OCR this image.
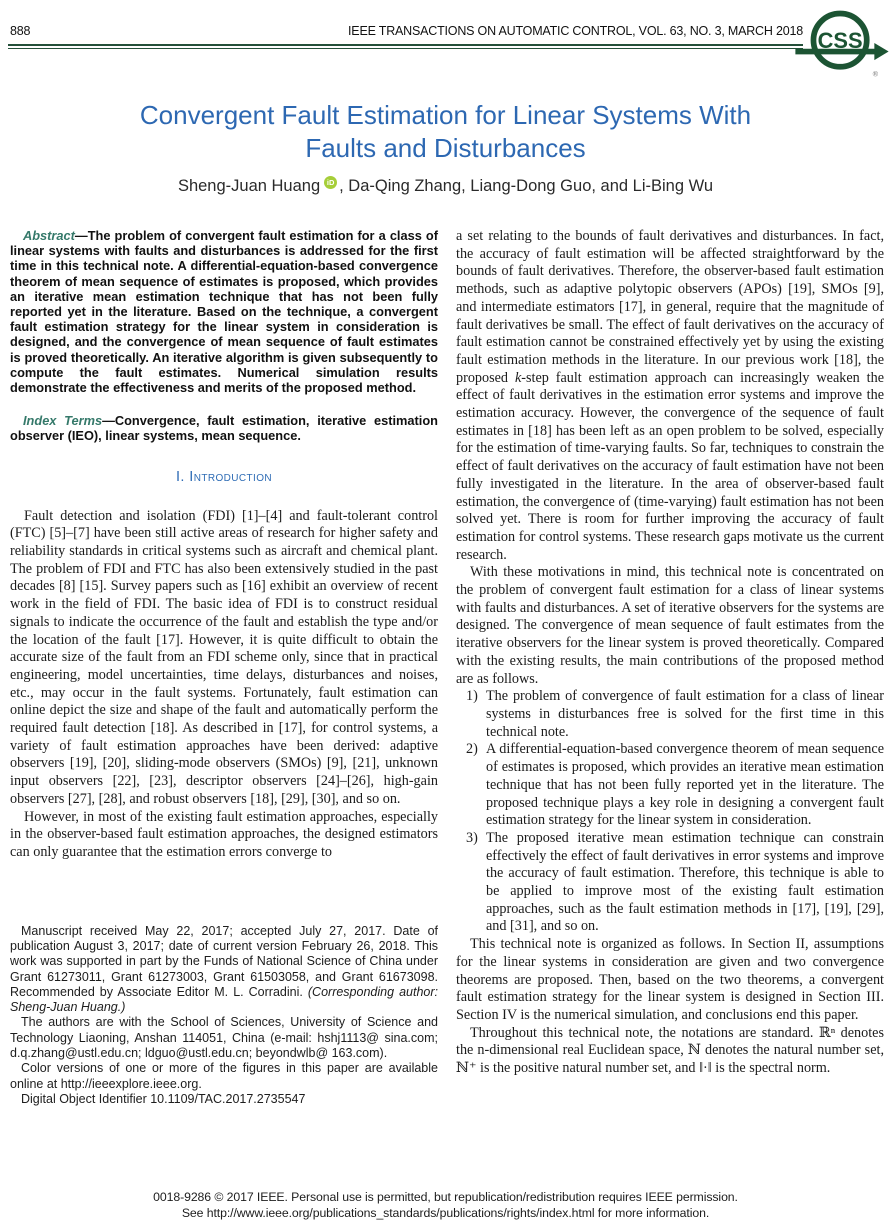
888	IEEE TRANSACTIONS ON AUTOMATIC CONTROL, VOL. 63, NO. 3, MARCH 2018 CSS
®
Convergent Fault Estimation for Linear Systems With
Faults and Disturbances
Sheng-Juan Huang iD , Da-Qing Zhang, Liang-Dong Guo, and Li-Bing Wu

Abstract—The problem of convergent fault estimation for a class of linear systems with faults and disturbances is addressed for the first time in this technical note. A differential-equation-based convergence theorem of mean sequence of estimates is proposed, which provides an iterative mean estimation technique that has not been fully reported yet in the literature. Based on the technique, a convergent fault estimation strategy for the linear system in consideration is designed, and the convergence of mean sequence of fault estimates is proved theoretically. An iterative algorithm is given subsequently to compute the fault estimates. Numerical simulation results demonstrate the effectiveness and merits of the proposed method.

Index Terms—Convergence, fault estimation, iterative estimation observer (IEO), linear systems, mean sequence.

I. Introduction

Fault detection and isolation (FDI) [1]–[4] and fault-tolerant control (FTC) [5]–[7] have been still active areas of research for higher safety and reliability standards in critical systems such as aircraft and chemical plant. The problem of FDI and FTC has also been extensively studied in the past decades [8] [15]. Survey papers such as [16] exhibit an overview of recent work in the field of FDI. The basic idea of FDI is to construct residual signals to indicate the occurrence of the fault and establish the type and/or the location of the fault [17]. However, it is quite difficult to obtain the accurate size of the fault from an FDI scheme only, since that in practical engineering, model uncertainties, time delays, disturbances and noises, etc., may occur in the fault systems. Fortunately, fault estimation can online depict the size and shape of the fault and automatically perform the required fault detection [18]. As described in [17], for control systems, a variety of fault estimation approaches have been derived: adaptive observers [19], [20], sliding-mode observers (SMOs) [9], [21], unknown input observers [22], [23], descriptor observers [24]–[26], high-gain observers [27], [28], and robust observers [18], [29], [30], and so on.

However, in most of the existing fault estimation approaches, especially in the observer-based fault estimation approaches, the designed estimators can only guarantee that the estimation errors converge to

Manuscript received May 22, 2017; accepted July 27, 2017. Date of publication August 3, 2017; date of current version February 26, 2018. This work was supported in part by the Funds of National Science of China under Grant 61273011, Grant 61273003, Grant 61503058, and Grant 61673098. Recommended by Associate Editor M. L. Corradini. (Corresponding author: Sheng-Juan Huang.)

The authors are with the School of Sciences, University of Science and Technology Liaoning, Anshan 114051, China (e-mail: hshj1113@ sina.com; d.q.zhang@ustl.edu.cn; ldguo@ustl.edu.cn; beyondwlb@ 163.com).

Color versions of one or more of the figures in this paper are available online at http://ieeexplore.ieee.org.

Digital Object Identifier 10.1109/TAC.2017.2735547

a set relating to the bounds of fault derivatives and disturbances. In fact, the accuracy of fault estimation will be affected straightforward by the bounds of fault derivatives. Therefore, the observer-based fault estimation methods, such as adaptive polytopic observers (APOs) [19], SMOs [9], and intermediate estimators [17], in general, require that the magnitude of fault derivatives be small. The effect of fault derivatives on the accuracy of fault estimation cannot be constrained effectively yet by using the existing fault estimation methods in the literature. In our previous work [18], the proposed k-step fault estimation approach can increasingly weaken the effect of fault derivatives in the estimation error systems and improve the estimation accuracy. However, the convergence of the sequence of fault estimates in [18] has been left as an open problem to be solved, especially for the estimation of time-varying faults. So far, techniques to constrain the effect of fault derivatives on the accuracy of fault estimation have not been fully investigated in the literature. In the area of observer-based fault estimation, the convergence of (time-varying) fault estimation has not been solved yet. There is room for further improving the accuracy of fault estimation for control systems. These research gaps motivate us the current research.

With these motivations in mind, this technical note is concentrated on the problem of convergent fault estimation for a class of linear systems with faults and disturbances. A set of iterative observers for the systems are designed. The convergence of mean sequence of fault estimates from the iterative observers for the linear system is proved theoretically. Compared with the existing results, the main contributions of the proposed method are as follows.

1) The problem of convergence of fault estimation for a class of linear systems in disturbances free is solved for the first time in this technical note.
2) A differential-equation-based convergence theorem of mean sequence of estimates is proposed, which provides an iterative mean estimation technique that has not been fully reported yet in the literature. The proposed technique plays a key role in designing a convergent fault estimation strategy for the linear system in consideration.
3) The proposed iterative mean estimation technique can constrain effectively the effect of fault derivatives in error systems and improve the accuracy of fault estimation. Therefore, this technique is able to be applied to improve most of the existing fault estimation approaches, such as the fault estimation methods in [17], [19], [29], and [31], and so on.

This technical note is organized as follows. In Section II, assumptions for the linear systems in consideration are given and two convergence theorems are proposed. Then, based on the two theorems, a convergent fault estimation strategy for the linear system is designed in Section III. Section IV is the numerical simulation, and conclusions end this paper.

Throughout this technical note, the notations are standard. ℝⁿ denotes the n-dimensional real Euclidean space, ℕ denotes the natural number set, ℕ⁺ is the positive natural number set, and ‖·‖ is the spectral norm.

0018-9286 © 2017 IEEE. Personal use is permitted, but republication/redistribution requires IEEE permission.
See http://www.ieee.org/publications_standards/publications/rights/index.html for more information.
